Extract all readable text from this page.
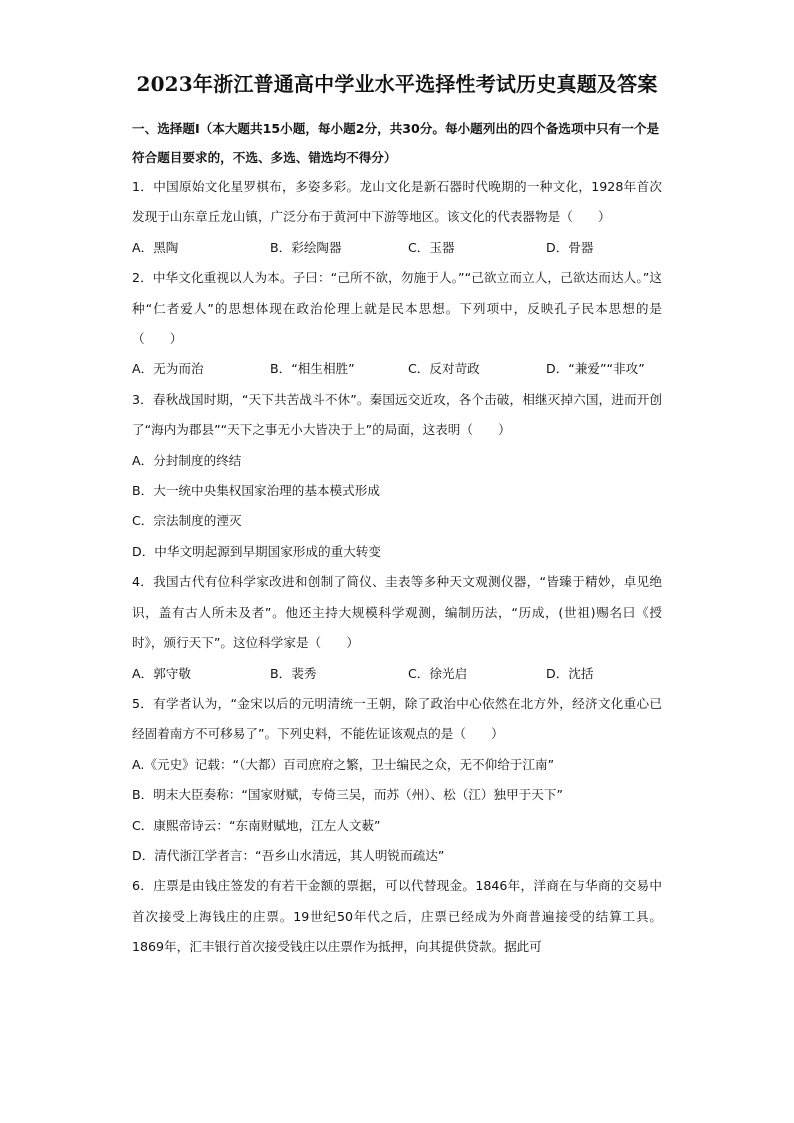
2023年浙江普通高中学业水平选择性考试历史真题及答案
一、选择题I（本大题共15小题，每小题2分，共30分。每小题列出的四个备选项中只有一个是符合题目要求的，不选、多选、错选均不得分）

1．中国原始文化星罗棋布，多姿多彩。龙山文化是新石器时代晚期的一种文化，1928年首次发现于山东章丘龙山镇，广泛分布于黄河中下游等地区。该文化的代表器物是（　　）

A．黑陶	B．彩绘陶器	C．玉器	D．骨器

2．中华文化重视以人为本。子曰：“己所不欲，勿施于人。”“己欲立而立人，己欲达而达人。”这种“仁者爱人”的思想体现在政治伦理上就是民本思想。下列项中，反映孔子民本思想的是（　　）

A．无为而治	B．“相生相胜”	C．反对苛政	D．“兼爱”“非攻”

3．春秋战国时期，“天下共苦战斗不休”。秦国远交近攻，各个击破，相继灭掉六国，进而开创了“海内为郡县”“天下之事无小大皆决于上”的局面，这表明（　　）

A．分封制度的终结
B．大一统中央集权国家治理的基本模式形成
C．宗法制度的湮灭
D．中华文明起源到早期国家形成的重大转变

4．我国古代有位科学家改进和创制了简仪、圭表等多种天文观测仪器，“皆臻于精妙，卓见绝识，盖有古人所未及者”。他还主持大规模科学观测，编制历法，“历成，(世祖)赐名曰《授时》，颁行天下”。这位科学家是（　　）

A．郭守敬	B．裴秀	C．徐光启	D．沈括

5．有学者认为，“金宋以后的元明清统一王朝，除了政治中心依然在北方外，经济文化重心已经固着南方不可移易了”。下列史料，不能佐证该观点的是（　　）

A.《元史》记载：“（大都）百司庶府之繁，卫士编民之众，无不仰给于江南”
B．明末大臣奏称：“国家财赋，专倚三吴，而苏（州）、松（江）独甲于天下”
C．康熙帝诗云：“东南财赋地，江左人文薮”
D．清代浙江学者言：“吾乡山水清远，其人明锐而疏达”

6．庄票是由钱庄签发的有若干金额的票据，可以代替现金。1846年，洋商在与华商的交易中首次接受上海钱庄的庄票。19世纪50年代之后，庄票已经成为外商普遍接受的结算工具。1869年，汇丰银行首次接受钱庄以庄票作为抵押，向其提供贷款。据此可
